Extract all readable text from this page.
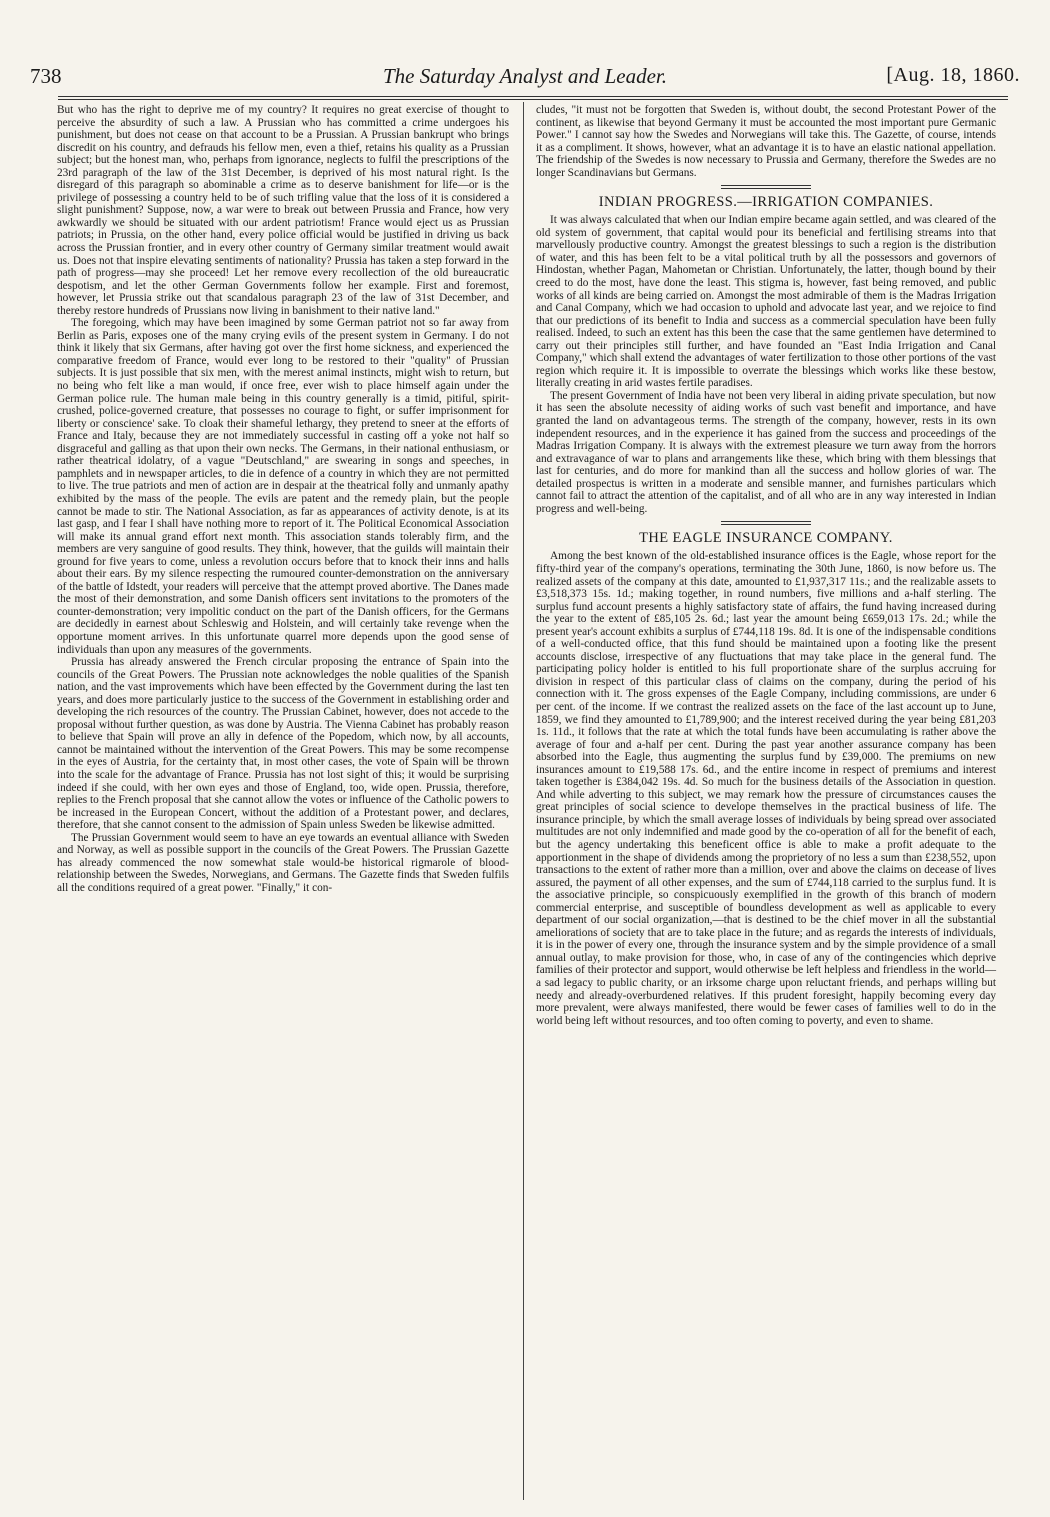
738	The Saturday Analyst and Leader.	[Aug. 18, 1860.

But who has the right to deprive me of my country? It requires no great exercise of thought to perceive the absurdity of such a law. A Prussian who has committed a crime undergoes his punishment, but does not cease on that account to be a Prussian. A Prussian bankrupt who brings discredit on his country, and defrauds his fellow men, even a thief, retains his quality as a Prussian subject; but the honest man, who, perhaps from ignorance, neglects to fulfil the prescriptions of the 23rd paragraph of the law of the 31st December, is deprived of his most natural right. Is the disregard of this paragraph so abominable a crime as to deserve banishment for life—or is the privilege of possessing a country held to be of such trifling value that the loss of it is considered a slight punishment? Suppose, now, a war were to break out between Prussia and France, how very awkwardly we should be situated with our ardent patriotism! France would eject us as Prussian patriots; in Prussia, on the other hand, every police official would be justified in driving us back across the Prussian frontier, and in every other country of Germany similar treatment would await us. Does not that inspire elevating sentiments of nationality? Prussia has taken a step forward in the path of progress—may she proceed! Let her remove every recollection of the old bureaucratic despotism, and let the other German Governments follow her example. First and foremost, however, let Prussia strike out that scandalous paragraph 23 of the law of 31st December, and thereby restore hundreds of Prussians now living in banishment to their native land."

The foregoing, which may have been imagined by some German patriot not so far away from Berlin as Paris, exposes one of the many crying evils of the present system in Germany. I do not think it likely that six Germans, after having got over the first home sickness, and experienced the comparative freedom of France, would ever long to be restored to their "quality" of Prussian subjects. It is just possible that six men, with the merest animal instincts, might wish to return, but no being who felt like a man would, if once free, ever wish to place himself again under the German police rule. The human male being in this country generally is a timid, pitiful, spirit-crushed, police-governed creature, that possesses no courage to fight, or suffer imprisonment for liberty or conscience' sake. To cloak their shameful lethargy, they pretend to sneer at the efforts of France and Italy, because they are not immediately successful in casting off a yoke not half so disgraceful and galling as that upon their own necks. The Germans, in their national enthusiasm, or rather theatrical idolatry, of a vague "Deutschland," are swearing in songs and speeches, in pamphlets and in newspaper articles, to die in defence of a country in which they are not permitted to live. The true patriots and men of action are in despair at the theatrical folly and unmanly apathy exhibited by the mass of the people. The evils are patent and the remedy plain, but the people cannot be made to stir. The National Association, as far as appearances of activity denote, is at its last gasp, and I fear I shall have nothing more to report of it. The Political Economical Association will make its annual grand effort next month. This association stands tolerably firm, and the members are very sanguine of good results. They think, however, that the guilds will maintain their ground for five years to come, unless a revolution occurs before that to knock their inns and halls about their ears. By my silence respecting the rumoured counter-demonstration on the anniversary of the battle of Idstedt, your readers will perceive that the attempt proved abortive. The Danes made the most of their demonstration, and some Danish officers sent invitations to the promoters of the counter-demonstration; very impolitic conduct on the part of the Danish officers, for the Germans are decidedly in earnest about Schleswig and Holstein, and will certainly take revenge when the opportune moment arrives. In this unfortunate quarrel more depends upon the good sense of individuals than upon any measures of the governments.

Prussia has already answered the French circular proposing the entrance of Spain into the councils of the Great Powers. The Prussian note acknowledges the noble qualities of the Spanish nation, and the vast improvements which have been effected by the Government during the last ten years, and does more particularly justice to the success of the Government in establishing order and developing the rich resources of the country. The Prussian Cabinet, however, does not accede to the proposal without further question, as was done by Austria. The Vienna Cabinet has probably reason to believe that Spain will prove an ally in defence of the Popedom, which now, by all accounts, cannot be maintained without the intervention of the Great Powers. This may be some recompense in the eyes of Austria, for the certainty that, in most other cases, the vote of Spain will be thrown into the scale for the advantage of France. Prussia has not lost sight of this; it would be surprising indeed if she could, with her own eyes and those of England, too, wide open. Prussia, therefore, replies to the French proposal that she cannot allow the votes or influence of the Catholic powers to be increased in the European Concert, without the addition of a Protestant power, and declares, therefore, that she cannot consent to the admission of Spain unless Sweden be likewise admitted.

The Prussian Government would seem to have an eye towards an eventual alliance with Sweden and Norway, as well as possible support in the councils of the Great Powers. The Prussian Gazette has already commenced the now somewhat stale would-be historical rigmarole of blood-relationship between the Swedes, Norwegians, and Germans. The Gazette finds that Sweden fulfils all the conditions required of a great power. "Finally," it con-

cludes, "it must not be forgotten that Sweden is, without doubt, the second Protestant Power of the continent, as likewise that beyond Germany it must be accounted the most important pure Germanic Power." I cannot say how the Swedes and Norwegians will take this. The Gazette, of course, intends it as a compliment. It shows, however, what an advantage it is to have an elastic national appellation. The friendship of the Swedes is now necessary to Prussia and Germany, therefore the Swedes are no longer Scandinavians but Germans.

INDIAN PROGRESS.—IRRIGATION COMPANIES.

It was always calculated that when our Indian empire became again settled, and was cleared of the old system of government, that capital would pour its beneficial and fertilising streams into that marvellously productive country. Amongst the greatest blessings to such a region is the distribution of water, and this has been felt to be a vital political truth by all the possessors and governors of Hindostan, whether Pagan, Mahometan or Christian. Unfortunately, the latter, though bound by their creed to do the most, have done the least. This stigma is, however, fast being removed, and public works of all kinds are being carried on. Amongst the most admirable of them is the Madras Irrigation and Canal Company, which we had occasion to uphold and advocate last year, and we rejoice to find that our predictions of its benefit to India and success as a commercial speculation have been fully realised. Indeed, to such an extent has this been the case that the same gentlemen have determined to carry out their principles still further, and have founded an "East India Irrigation and Canal Company," which shall extend the advantages of water fertilization to those other portions of the vast region which require it. It is impossible to overrate the blessings which works like these bestow, literally creating in arid wastes fertile paradises.

The present Government of India have not been very liberal in aiding private speculation, but now it has seen the absolute necessity of aiding works of such vast benefit and importance, and have granted the land on advantageous terms. The strength of the company, however, rests in its own independent resources, and in the experience it has gained from the success and proceedings of the Madras Irrigation Company. It is always with the extremest pleasure we turn away from the horrors and extravagance of war to plans and arrangements like these, which bring with them blessings that last for centuries, and do more for mankind than all the success and hollow glories of war. The detailed prospectus is written in a moderate and sensible manner, and furnishes particulars which cannot fail to attract the attention of the capitalist, and of all who are in any way interested in Indian progress and well-being.

THE EAGLE INSURANCE COMPANY.

Among the best known of the old-established insurance offices is the Eagle, whose report for the fifty-third year of the company's operations, terminating the 30th June, 1860, is now before us. The realized assets of the company at this date, amounted to £1,937,317 11s.; and the realizable assets to £3,518,373 15s. 1d.; making together, in round numbers, five millions and a-half sterling. The surplus fund account presents a highly satisfactory state of affairs, the fund having increased during the year to the extent of £85,105 2s. 6d.; last year the amount being £659,013 17s. 2d.; while the present year's account exhibits a surplus of £744,118 19s. 8d. It is one of the indispensable conditions of a well-conducted office, that this fund should be maintained upon a footing like the present accounts disclose, irrespective of any fluctuations that may take place in the general fund. The participating policy holder is entitled to his full proportionate share of the surplus accruing for division in respect of this particular class of claims on the company, during the period of his connection with it. The gross expenses of the Eagle Company, including commissions, are under 6 per cent. of the income. If we contrast the realized assets on the face of the last account up to June, 1859, we find they amounted to £1,789,900; and the interest received during the year being £81,203 1s. 11d., it follows that the rate at which the total funds have been accumulating is rather above the average of four and a-half per cent. During the past year another assurance company has been absorbed into the Eagle, thus augmenting the surplus fund by £39,000. The premiums on new insurances amount to £19,588 17s. 6d., and the entire income in respect of premiums and interest taken together is £384,042 19s. 4d. So much for the business details of the Association in question. And while adverting to this subject, we may remark how the pressure of circumstances causes the great principles of social science to develope themselves in the practical business of life. The insurance principle, by which the small average losses of individuals by being spread over associated multitudes are not only indemnified and made good by the co-operation of all for the benefit of each, but the agency undertaking this beneficent office is able to make a profit adequate to the apportionment in the shape of dividends among the proprietory of no less a sum than £238,552, upon transactions to the extent of rather more than a million, over and above the claims on decease of lives assured, the payment of all other expenses, and the sum of £744,118 carried to the surplus fund. It is the associative principle, so conspicuously exemplified in the growth of this branch of modern commercial enterprise, and susceptible of boundless development as well as applicable to every department of our social organization,—that is destined to be the chief mover in all the substantial ameliorations of society that are to take place in the future; and as regards the interests of individuals, it is in the power of every one, through the insurance system and by the simple providence of a small annual outlay, to make provision for those, who, in case of any of the contingencies which deprive families of their protector and support, would otherwise be left helpless and friendless in the world—a sad legacy to public charity, or an irksome charge upon reluctant friends, and perhaps willing but needy and already-overburdened relatives. If this prudent foresight, happily becoming every day more prevalent, were always manifested, there would be fewer cases of families well to do in the world being left without resources, and too often coming to poverty, and even to shame.
